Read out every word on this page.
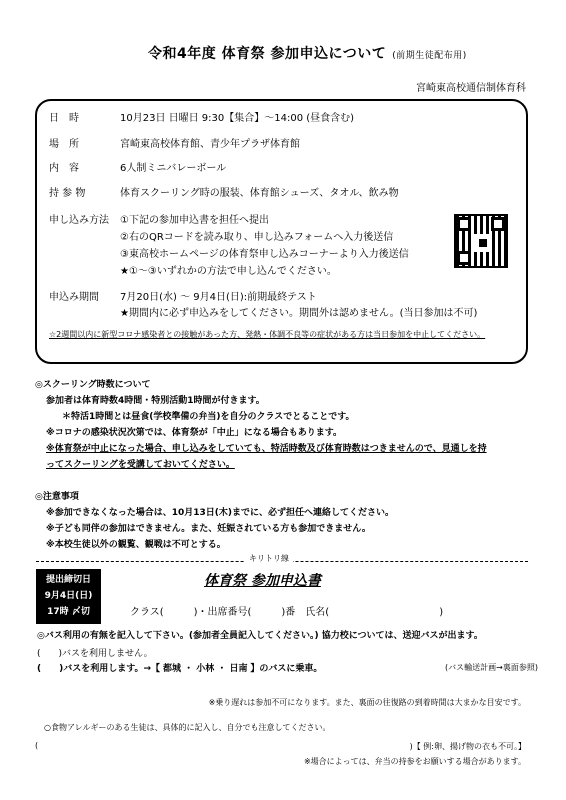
令和4年度 体育祭 参加申込について (前期生徒配布用)
宮崎東高校通信制体育科
日　時	10月23日 日曜日 9:30【集合】〜14:00 (昼食含む)
場　所	宮崎東高校体育館、青少年プラザ体育館
内　容	6人制ミニバレーボール
持 参 物	体育スクーリング時の服装、体育館シューズ、タオル、飲み物
申し込み方法 ①下記の参加申込書を担任へ提出
②右のQRコードを読み取り、申し込みフォームへ入力後送信
③東高校ホームページの体育祭申し込みコーナーより入力後送信
★①〜③いずれかの方法で申し込んでください。
申込み期間 7月20日(水) 〜 9月4日(日):前期最終テスト
★期間内に必ず申込みをしてください。期間外は認めません。(当日参加は不可)
☆2週間以内に新型コロナ感染者との接触があった方、発熱・体調不良等の症状がある方は当日参加を中止してください。
◎スクーリング時数について
参加者は体育時数4時間・特別活動1時間が付きます。
＊特活1時間とは昼食(学校準備の弁当)を自分のクラスでとることです。
※コロナの感染状況次第では、体育祭が「中止」になる場合もあります。
※体育祭が中止になった場合、申し込みをしていても、特活時数及び体育時数はつきませんので、見通しを持
ってスクーリングを受講しておいてください。
◎注意事項
※参加できなくなった場合は、10月13日(木)までに、必ず担任へ連絡してください。
※子ども同伴の参加はできません。また、妊娠されている方も参加できません。
※本校生徒以外の観覧、観戦は不可とする。
キリトリ線
提出締切日
9月4日(日)
17時 〆切
体育祭 参加申込書
クラス(　　　)・出席番号(　　　)番　氏名(　　　　　　　　　　　)
◎バス利用の有無を記入して下さい。(参加者全員記入してください。) 協力校については、送迎バスが出ます。
(　　)バスを利用しません。
(　　)バスを利用します。→【 都城 ・ 小林 ・ 日南 】のバスに乗車。	(バス輸送計画→裏面参照)
※乗り遅れは参加不可になります。また、裏面の往復路の到着時間は大まかな目安です。
○食物アレルギーのある生徒は、具体的に記入し、自分でも注意してください。
(	)【 例:卵、揚げ物の衣も不可。】
※場合によっては、弁当の持参をお願いする場合があります。
